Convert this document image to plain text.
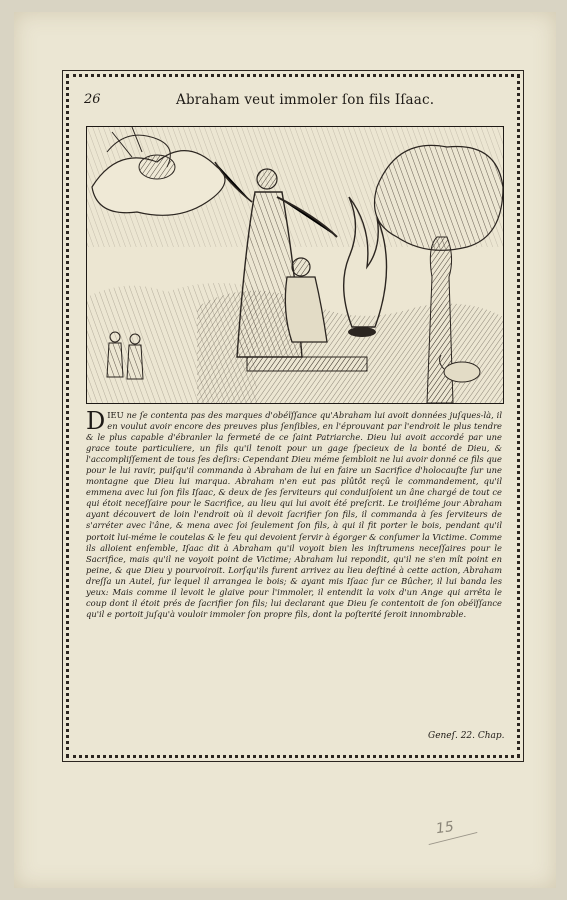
26	Abraham veut immoler ſon fils Iſaac.
DIEU ne ſe contenta pas des marques d'obéïſſance qu'Abraham lui avoit données juſques-là, il en voulut avoir encore des preuves plus ſenſibles, en l'éprouvant par l'endroit le plus tendre & le plus capable d'ébranler la fermeté de ce ſaint Patriarche. Dieu lui avoit accordé par une grace toute particuliere, un fils qu'il tenoit pour un gage ſpecieux de la bonté de Dieu, & l'accompliſſement de tous ſes deſirs: Cependant Dieu méme ſembloit ne lui avoir donné ce fils que pour le lui ravir, puiſqu'il commanda à Abraham de lui en faire un Sacrifice d'holocauſte ſur une montagne que Dieu lui marqua. Abraham n'en eut pas plûtôt reçû le commandement, qu'il emmena avec lui ſon fils Iſaac, & deux de ſes ſerviteurs qui conduiſoient un âne chargé de tout ce qui étoit neceſſaire pour le Sacrifice, au lieu qui lui avoit été preſcrit. Le troiſiéme jour Abraham ayant découvert de loin l'endroit où il devoit ſacrifier ſon fils, il commanda à ſes ſerviteurs de s'arréter avec l'âne, & mena avec ſoi ſeulement ſon fils, à qui il fit porter le bois, pendant qu'il portoit lui-méme le coutelas & le feu qui devoient ſervir à égorger & conſumer la Victime. Comme ils alloient enſemble, Iſaac dit à Abraham qu'il voyoit bien les inſtrumens neceſſaires pour le Sacrifice, mais qu'il ne voyoit point de Victime; Abraham lui repondit, qu'il ne s'en mît point en peine, & que Dieu y pourvoiroit. Lorſqu'ils furent arrivez au lieu deſtiné à cette action, Abraham dreſſa un Autel, ſur lequel il arrangea le bois; & ayant mis Iſaac ſur ce Bûcher, il lui banda les yeux: Mais comme il levoit le glaive pour l'immoler, il entendit la voix d'un Ange qui arrêta le coup dont il étoit prés de ſacrifier ſon fils; lui declarant que Dieu ſe contentoit de ſon obéïſſance qu'il e portoit juſqu'à vouloir immoler ſon propre fils, dont la poſterité ſeroit innombrable.
Geneſ. 22. Chap.
15
